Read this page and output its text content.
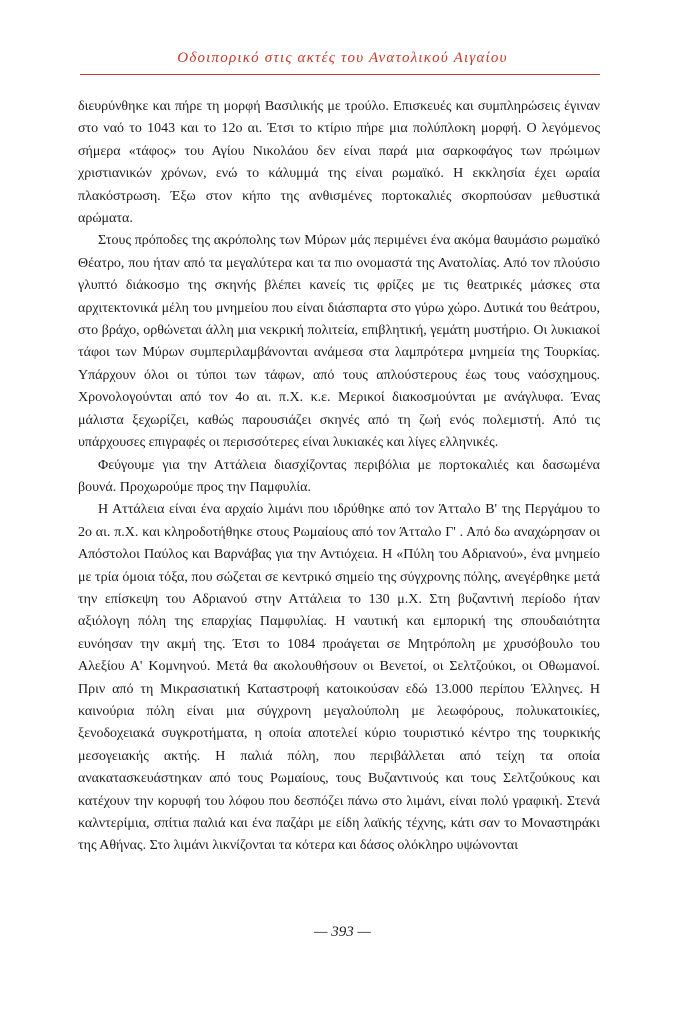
Οδοιπορικό στις ακτές του Ανατολικού Αιγαίου

διευρύνθηκε και πήρε τη μορφή Βασιλικής με τρούλο. Επισκευές και συμπληρώσεις έγιναν στο ναό το 1043 και το 12ο αι. Έτσι το κτίριο πήρε μια πολύπλοκη μορφή. Ο λεγόμενος σήμερα «τάφος» του Αγίου Νικολάου δεν είναι παρά μια σαρκοφάγος των πρώιμων χριστιανικών χρόνων, ενώ το κάλυμμά της είναι ρωμαϊκό. Η εκκλησία έχει ωραία πλακόστρωση. Έξω στον κήπο της ανθισμένες πορτοκαλιές σκορπούσαν μεθυστικά αρώματα.

Στους πρόποδες της ακρόπολης των Μύρων μάς περιμένει ένα ακόμα θαυμάσιο ρωμαϊκό Θέατρο, που ήταν από τα μεγαλύτερα και τα πιο ονομαστά της Ανατολίας. Από τον πλούσιο γλυπτό διάκοσμο της σκηνής βλέπει κανείς τις φρίζες με τις θεατρικές μάσκες στα αρχιτεκτονικά μέλη του μνημείου που είναι διάσπαρτα στο γύρω χώρο. Δυτικά του θεάτρου, στο βράχο, ορθώνεται άλλη μια νεκρική πολιτεία, επιβλητική, γεμάτη μυστήριο. Οι λυκιακοί τάφοι των Μύρων συμπεριλαμβάνονται ανάμεσα στα λαμπρότερα μνημεία της Τουρκίας. Υπάρχουν όλοι οι τύποι των τάφων, από τους απλούστερους έως τους ναόσχημους. Χρονολογούνται από τον 4ο αι. π.Χ. κ.ε. Μερικοί διακοσμούνται με ανάγλυφα. Ένας μάλιστα ξεχωρίζει, καθώς παρουσιάζει σκηνές από τη ζωή ενός πολεμιστή. Από τις υπάρχουσες επιγραφές οι περισσότερες είναι λυκιακές και λίγες ελληνικές.

Φεύγουμε για την Αττάλεια διασχίζοντας περιβόλια με πορτοκαλιές και δασωμένα βουνά. Προχωρούμε προς την Παμφυλία.

Η Αττάλεια είναι ένα αρχαίο λιμάνι που ιδρύθηκε από τον Άτταλο Β' της Περγάμου το 2ο αι. π.Χ. και κληροδοτήθηκε στους Ρωμαίους από τον Άτταλο Γ' . Από δω αναχώρησαν οι Απόστολοι Παύλος και Βαρνάβας για την Αντιόχεια. Η «Πύλη του Αδριανού», ένα μνημείο με τρία όμοια τόξα, που σώζεται σε κεντρικό σημείο της σύγχρονης πόλης, ανεγέρθηκε μετά την επίσκεψη του Αδριανού στην Αττάλεια το 130 μ.Χ. Στη βυζαντινή περίοδο ήταν αξιόλογη πόλη της επαρχίας Παμφυλίας. Η ναυτική και εμπορική της σπουδαιότητα ευνόησαν την ακμή της. Έτσι το 1084 προάγεται σε Μητρόπολη με χρυσόβουλο του Αλεξίου Α' Κομνηνού. Μετά θα ακολουθήσουν οι Βενετοί, οι Σελτζούκοι, οι Οθωμανοί. Πριν από τη Μικρασιατική Καταστροφή κατοικούσαν εδώ 13.000 περίπου Έλληνες. Η καινούρια πόλη είναι μια σύγχρονη μεγαλούπολη με λεωφόρους, πολυκατοικίες, ξενοδοχειακά συγκροτήματα, η οποία αποτελεί κύριο τουριστικό κέντρο της τουρκικής μεσογειακής ακτής. Η παλιά πόλη, που περιβάλλεται από τείχη τα οποία ανακατασκευάστηκαν από τους Ρωμαίους, τους Βυζαντινούς και τους Σελτζούκους και κατέχουν την κορυφή του λόφου που δεσπόζει πάνω στο λιμάνι, είναι πολύ γραφική. Στενά καλντερίμια, σπίτια παλιά και ένα παζάρι με είδη λαϊκής τέχνης, κάτι σαν το Μοναστηράκι της Αθήνας. Στο λιμάνι λικνίζονται τα κότερα και δάσος ολόκληρο υψώνονται

— 393 —
